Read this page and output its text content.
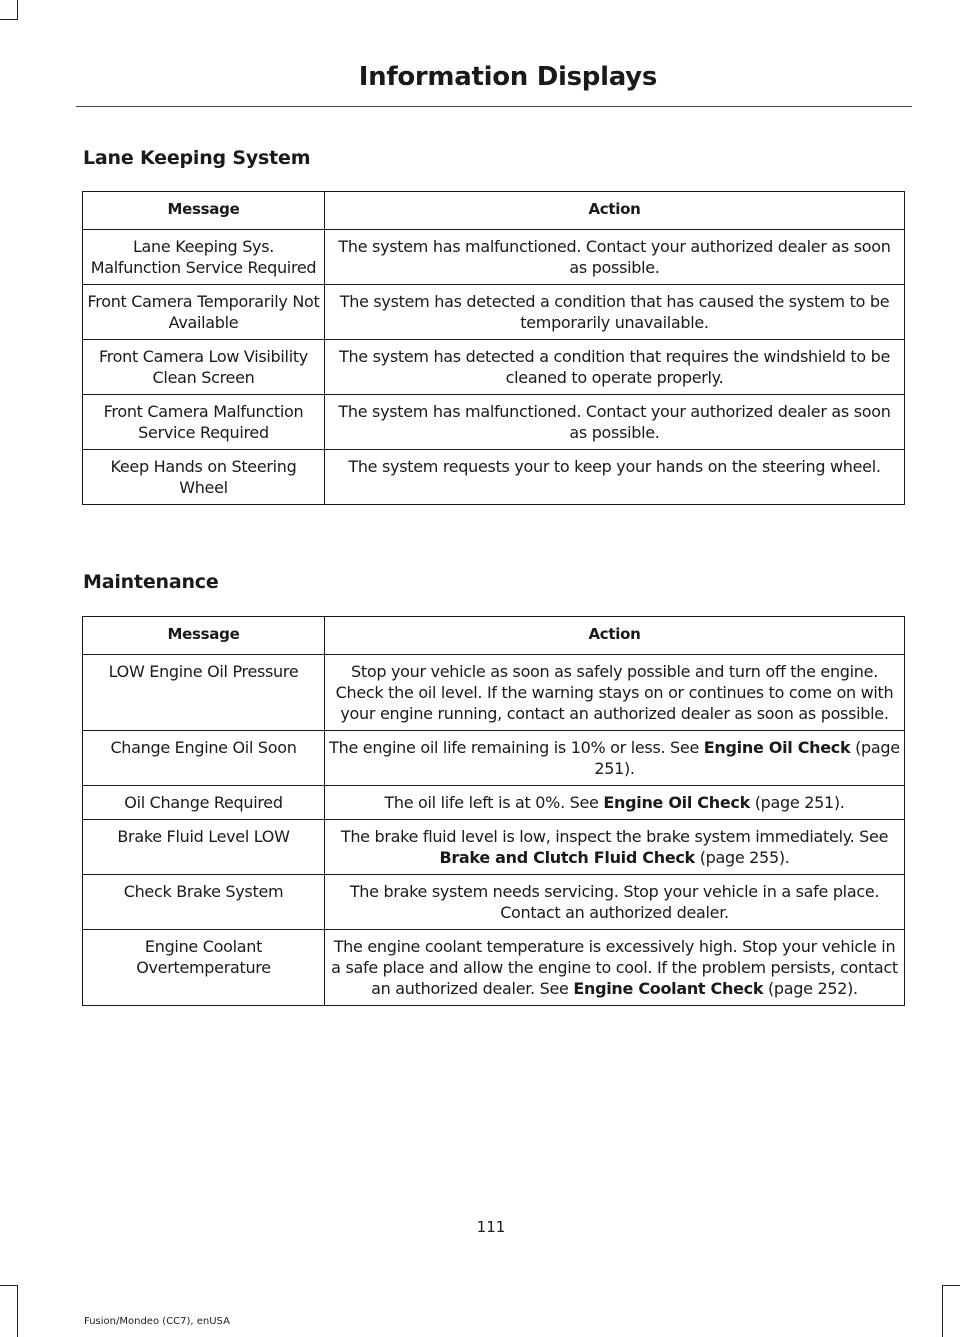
Information Displays
Lane Keeping System
Message	Action
Lane Keeping Sys. Malfunction Service Required	The system has malfunctioned. Contact your authorized dealer as soon as possible.
Front Camera Temporarily Not Available	The system has detected a condition that has caused the system to be temporarily unavailable.
Front Camera Low Visibility Clean Screen	The system has detected a condition that requires the windshield to be cleaned to operate properly.
Front Camera Malfunction Service Required	The system has malfunctioned. Contact your authorized dealer as soon as possible.
Keep Hands on Steering Wheel	The system requests your to keep your hands on the steering wheel.
Maintenance
Message	Action
LOW Engine Oil Pressure	Stop your vehicle as soon as safely possible and turn off the engine. Check the oil level. If the warning stays on or continues to come on with your engine running, contact an authorized dealer as soon as possible.
Change Engine Oil Soon	The engine oil life remaining is 10% or less. See Engine Oil Check (page 251).
Oil Change Required	The oil life left is at 0%. See Engine Oil Check (page 251).
Brake Fluid Level LOW	The brake fluid level is low, inspect the brake system immediately. See Brake and Clutch Fluid Check (page 255).
Check Brake System	The brake system needs servicing. Stop your vehicle in a safe place. Contact an authorized dealer.
Engine Coolant Overtemperature	The engine coolant temperature is excessively high. Stop your vehicle in a safe place and allow the engine to cool. If the problem persists, contact an authorized dealer. See Engine Coolant Check (page 252).
111
Fusion/Mondeo (CC7), enUSA
